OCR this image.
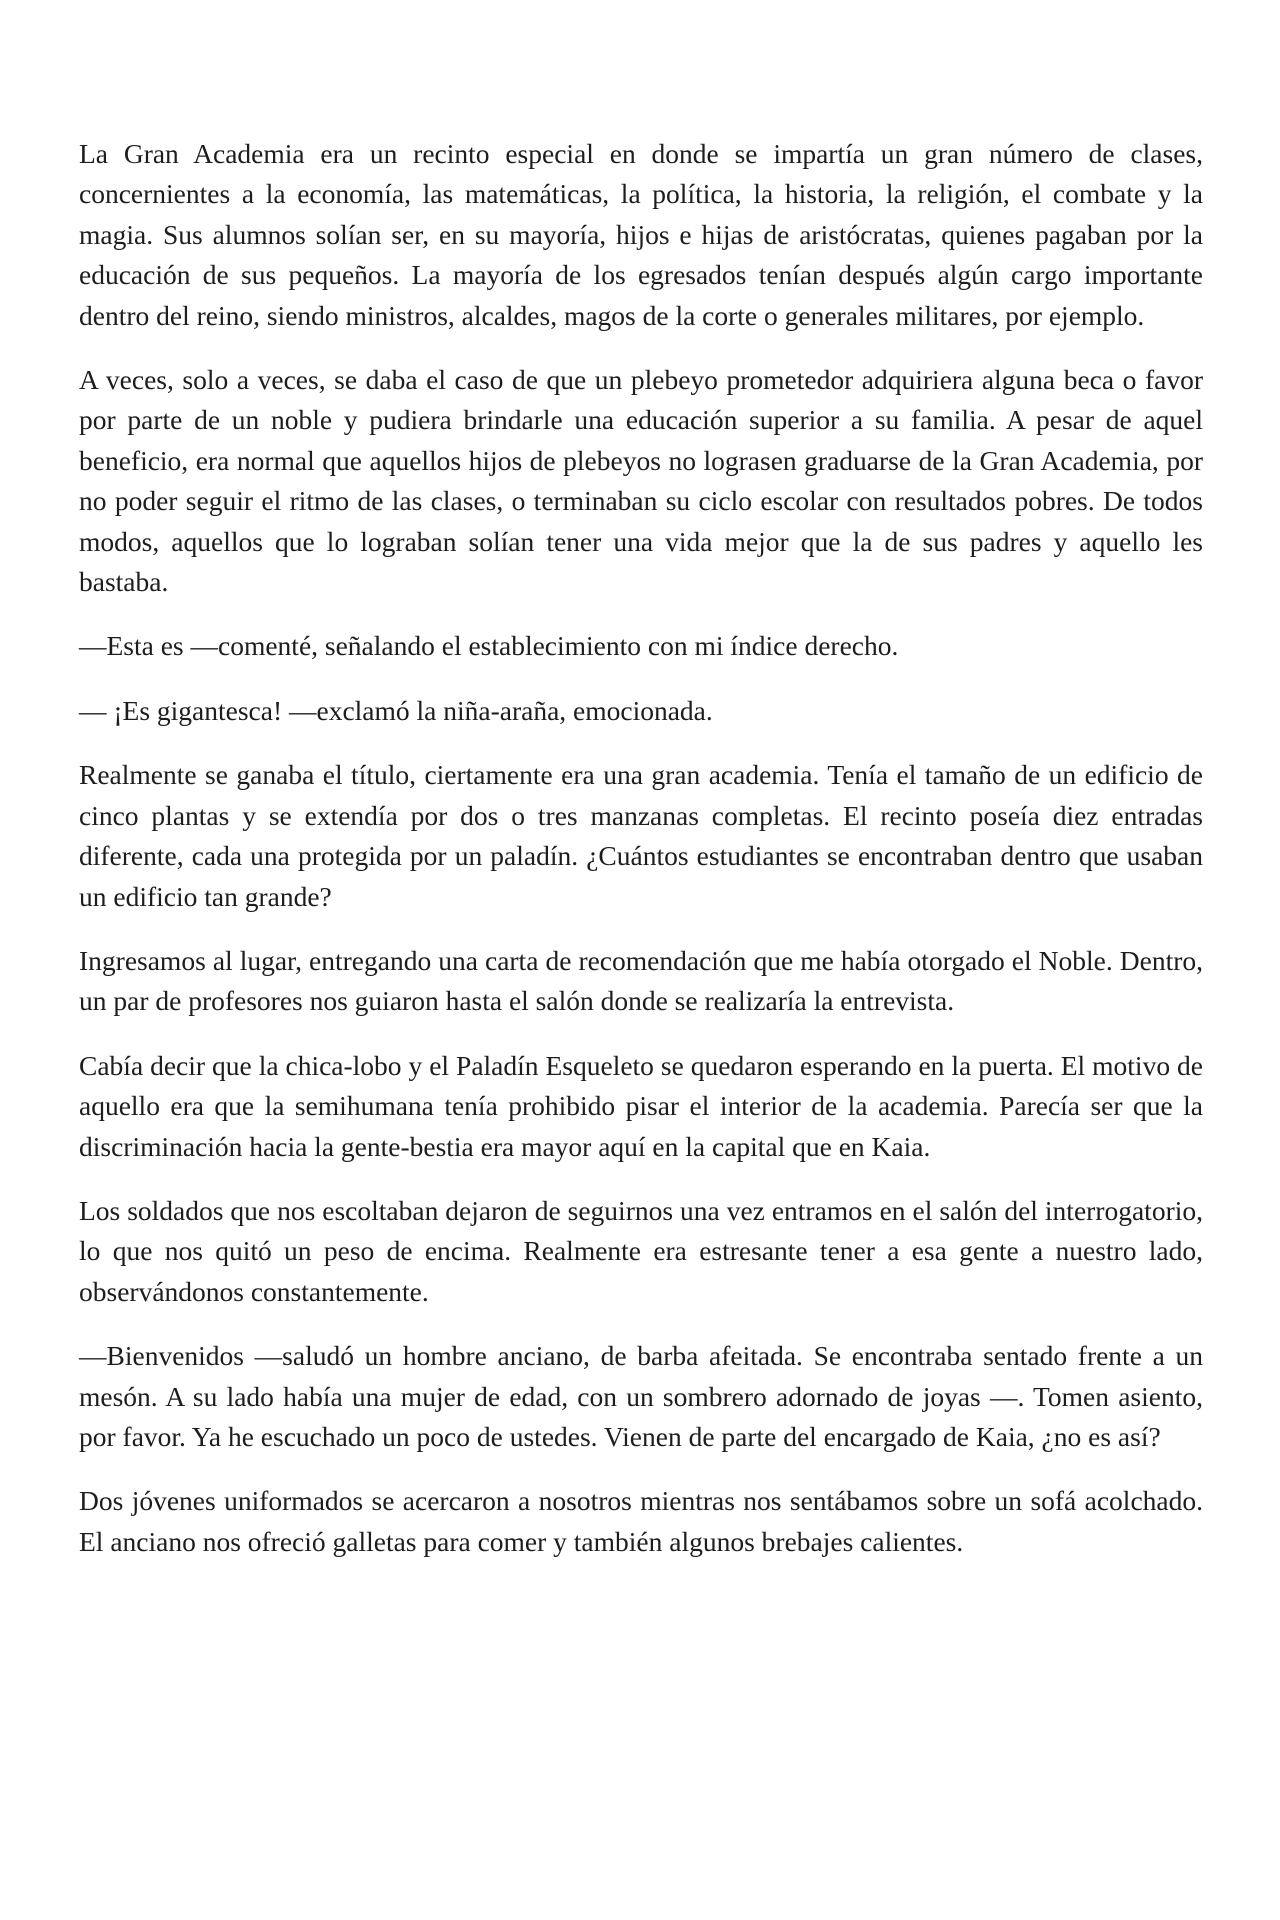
La Gran Academia era un recinto especial en donde se impartía un gran número de clases, concernientes a la economía, las matemáticas, la política, la historia, la religión, el combate y la magia. Sus alumnos solían ser, en su mayoría, hijos e hijas de aristócratas, quienes pagaban por la educación de sus pequeños. La mayoría de los egresados tenían después algún cargo importante dentro del reino, siendo ministros, alcaldes, magos de la corte o generales militares, por ejemplo.

A veces, solo a veces, se daba el caso de que un plebeyo prometedor adquiriera alguna beca o favor por parte de un noble y pudiera brindarle una educación superior a su familia. A pesar de aquel beneficio, era normal que aquellos hijos de plebeyos no lograsen graduarse de la Gran Academia, por no poder seguir el ritmo de las clases, o terminaban su ciclo escolar con resultados pobres. De todos modos, aquellos que lo lograban solían tener una vida mejor que la de sus padres y aquello les bastaba.

—Esta es —comenté, señalando el establecimiento con mi índice derecho.

— ¡Es gigantesca! —exclamó la niña-araña, emocionada.

Realmente se ganaba el título, ciertamente era una gran academia. Tenía el tamaño de un edificio de cinco plantas y se extendía por dos o tres manzanas completas. El recinto poseía diez entradas diferente, cada una protegida por un paladín. ¿Cuántos estudiantes se encontraban dentro que usaban un edificio tan grande?

Ingresamos al lugar, entregando una carta de recomendación que me había otorgado el Noble. Dentro, un par de profesores nos guiaron hasta el salón donde se realizaría la entrevista.

Cabía decir que la chica-lobo y el Paladín Esqueleto se quedaron esperando en la puerta. El motivo de aquello era que la semihumana tenía prohibido pisar el interior de la academia. Parecía ser que la discriminación hacia la gente-bestia era mayor aquí en la capital que en Kaia.

Los soldados que nos escoltaban dejaron de seguirnos una vez entramos en el salón del interrogatorio, lo que nos quitó un peso de encima. Realmente era estresante tener a esa gente a nuestro lado, observándonos constantemente.

—Bienvenidos —saludó un hombre anciano, de barba afeitada. Se encontraba sentado frente a un mesón. A su lado había una mujer de edad, con un sombrero adornado de joyas —. Tomen asiento, por favor. Ya he escuchado un poco de ustedes. Vienen de parte del encargado de Kaia, ¿no es así?

Dos jóvenes uniformados se acercaron a nosotros mientras nos sentábamos sobre un sofá acolchado. El anciano nos ofreció galletas para comer y también algunos brebajes calientes.
